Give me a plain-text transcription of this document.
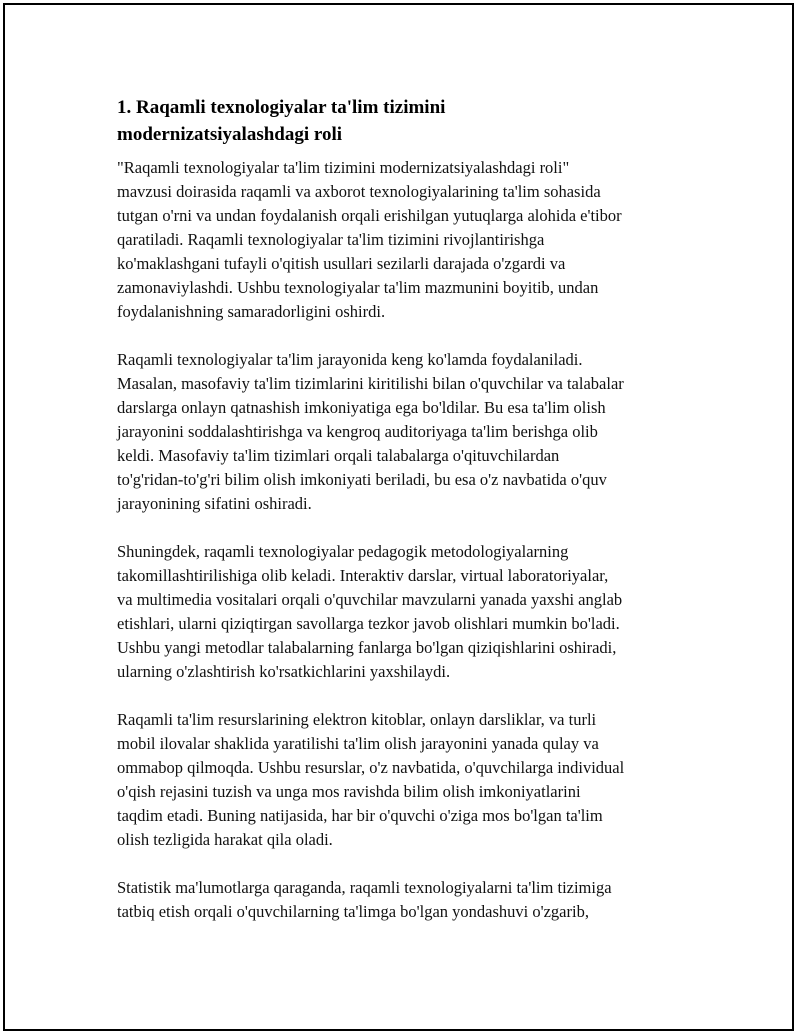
1. Raqamli texnologiyalar ta'lim tizimini
modernizatsiyalashdagi roli

"Raqamli texnologiyalar ta'lim tizimini modernizatsiyalashdagi roli"
mavzusi doirasida raqamli va axborot texnologiyalarining ta'lim sohasida
tutgan o'rni va undan foydalanish orqali erishilgan yutuqlarga alohida e'tibor
qaratiladi. Raqamli texnologiyalar ta'lim tizimini rivojlantirishga
ko'maklashgani tufayli o'qitish usullari sezilarli darajada o'zgardi va
zamonaviylashdi. Ushbu texnologiyalar ta'lim mazmunini boyitib, undan
foydalanishning samaradorligini oshirdi.

Raqamli texnologiyalar ta'lim jarayonida keng ko'lamda foydalaniladi.
Masalan, masofaviy ta'lim tizimlarini kiritilishi bilan o'quvchilar va talabalar
darslarga onlayn qatnashish imkoniyatiga ega bo'ldilar. Bu esa ta'lim olish
jarayonini soddalashtirishga va kengroq auditoriyaga ta'lim berishga olib
keldi. Masofaviy ta'lim tizimlari orqali talabalarga o'qituvchilardan
to'g'ridan-to'g'ri bilim olish imkoniyati beriladi, bu esa o'z navbatida o'quv
jarayonining sifatini oshiradi.

Shuningdek, raqamli texnologiyalar pedagogik metodologiyalarning
takomillashtirilishiga olib keladi. Interaktiv darslar, virtual laboratoriyalar,
va multimedia vositalari orqali o'quvchilar mavzularni yanada yaxshi anglab
etishlari, ularni qiziqtirgan savollarga tezkor javob olishlari mumkin bo'ladi.
Ushbu yangi metodlar talabalarning fanlarga bo'lgan qiziqishlarini oshiradi,
ularning o'zlashtirish ko'rsatkichlarini yaxshilaydi.

Raqamli ta'lim resurslarining elektron kitoblar, onlayn darsliklar, va turli
mobil ilovalar shaklida yaratilishi ta'lim olish jarayonini yanada qulay va
ommabop qilmoqda. Ushbu resurslar, o'z navbatida, o'quvchilarga individual
o'qish rejasini tuzish va unga mos ravishda bilim olish imkoniyatlarini
taqdim etadi. Buning natijasida, har bir o'quvchi o'ziga mos bo'lgan ta'lim
olish tezligida harakat qila oladi.

Statistik ma'lumotlarga qaraganda, raqamli texnologiyalarni ta'lim tizimiga
tatbiq etish orqali o'quvchilarning ta'limga bo'lgan yondashuvi o'zgarib,
